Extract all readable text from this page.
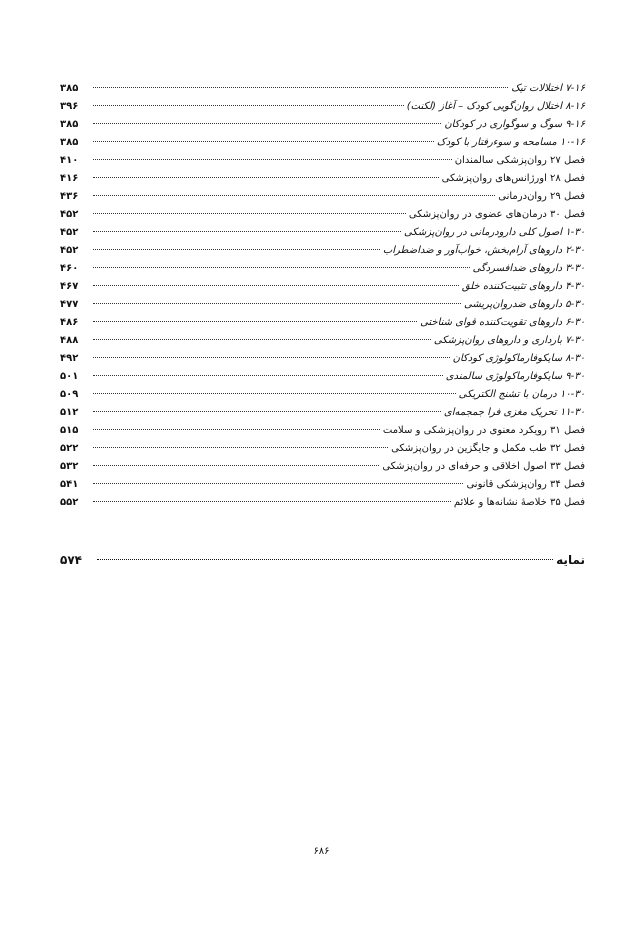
۷-۱۶ اختلالات تیک
۳۸۵
۸-۱۶ اختلال روان‌گویی کودک – آغاز (لکنت)
۳۹۶
۹-۱۶ سوگ و سوگواری در کودکان
۳۸۵
۱۰-۱۶ مسامحه و سوءرفتار با کودک
۳۸۵
فصل ۲۷ روان‌پزشکی سالمندان
۴۱۰
فصل ۲۸ اورژانس‌های روان‌پزشکی
۴۱۶
فصل ۲۹ روان‌درمانی
۴۳۶
فصل ۳۰ درمان‌های عضوی در روان‌پزشکی
۴۵۲
۱-۳۰ اصول کلی دارودرمانی در روان‌پزشکی
۴۵۲
۲-۳۰ داروهای آرام‌بخش، خواب‌آور و ضداضطراب
۴۵۲
۳-۳۰ داروهای ضدافسردگی
۴۶۰
۴-۳۰ داروهای تثبیت‌کننده خلق
۴۶۷
۵-۳۰ داروهای ضدروان‌پریشی
۴۷۷
۶-۳۰ داروهای تقویت‌کننده قوای شناختی
۴۸۶
۷-۳۰ بارداری و داروهای روان‌پزشکی
۴۸۸
۸-۳۰ سایکوفارماکولوژی کودکان
۴۹۲
۹-۳۰ سایکوفارماکولوژی سالمندی
۵۰۱
۱۰-۳۰ درمان با تشنج الکتریکی
۵۰۹
۱۱-۳۰ تحریک مغزی فرا جمجمه‌ای
۵۱۲
فصل ۳۱ رویکرد معنوی در روان‌پزشکی و سلامت
۵۱۵
فصل ۳۲ طب مکمل و جایگزین در روان‌پزشکی
۵۲۲
فصل ۳۳ اصول اخلاقی و حرفه‌ای در روان‌پزشکی
۵۳۲
فصل ۳۴ روان‌پزشکی قانونی
۵۴۱
فصل ۳۵ خلاصهٔ نشانه‌ها و علائم
۵۵۲
نمایه
۵۷۴
۶۸۶
